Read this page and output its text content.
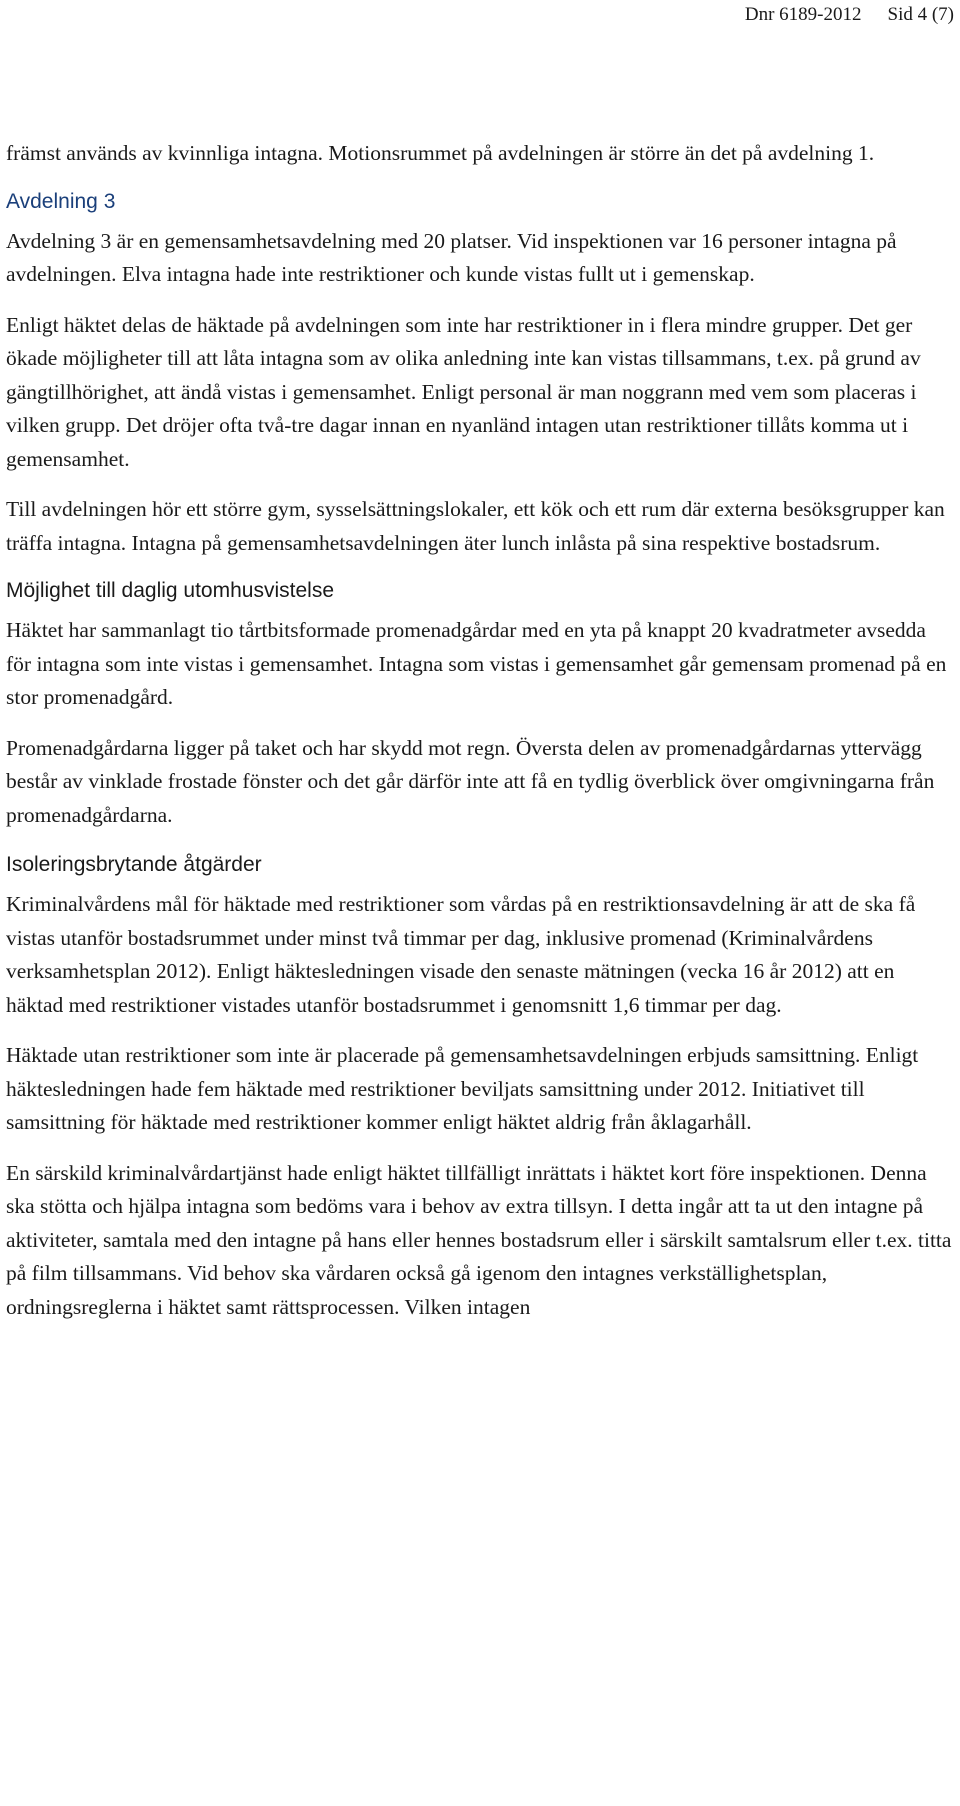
Dnr 6189-2012 Sid 4 (7)

främst används av kvinnliga intagna. Motionsrummet på avdelningen är större än det på avdelning 1.

Avdelning 3

Avdelning 3 är en gemensamhetsavdelning med 20 platser. Vid inspektionen var 16 personer intagna på avdelningen. Elva intagna hade inte restriktioner och kunde vistas fullt ut i gemenskap.

Enligt häktet delas de häktade på avdelningen som inte har restriktioner in i flera mindre grupper. Det ger ökade möjligheter till att låta intagna som av olika anledning inte kan vistas tillsammans, t.ex. på grund av gängtillhörighet, att ändå vistas i gemensamhet. Enligt personal är man noggrann med vem som placeras i vilken grupp. Det dröjer ofta två-tre dagar innan en nyanländ intagen utan restriktioner tillåts komma ut i gemensamhet.

Till avdelningen hör ett större gym, sysselsättningslokaler, ett kök och ett rum där externa besöksgrupper kan träffa intagna. Intagna på gemensamhetsavdelningen äter lunch inlåsta på sina respektive bostadsrum.

Möjlighet till daglig utomhusvistelse

Häktet har sammanlagt tio tårtbitsformade promenadgårdar med en yta på knappt 20 kvadratmeter avsedda för intagna som inte vistas i gemensamhet. Intagna som vistas i gemensamhet går gemensam promenad på en stor promenadgård.

Promenadgårdarna ligger på taket och har skydd mot regn. Översta delen av promenadgårdarnas yttervägg består av vinklade frostade fönster och det går därför inte att få en tydlig överblick över omgivningarna från promenadgårdarna.

Isoleringsbrytande åtgärder

Kriminalvårdens mål för häktade med restriktioner som vårdas på en restriktionsavdelning är att de ska få vistas utanför bostadsrummet under minst två timmar per dag, inklusive promenad (Kriminalvårdens verksamhetsplan 2012). Enligt häktesledningen visade den senaste mätningen (vecka 16 år 2012) att en häktad med restriktioner vistades utanför bostadsrummet i genomsnitt 1,6 timmar per dag.

Häktade utan restriktioner som inte är placerade på gemensamhetsavdelningen erbjuds samsittning. Enligt häktesledningen hade fem häktade med restriktioner beviljats samsittning under 2012. Initiativet till samsittning för häktade med restriktioner kommer enligt häktet aldrig från åklagarhåll.

En särskild kriminalvårdartjänst hade enligt häktet tillfälligt inrättats i häktet kort före inspektionen. Denna ska stötta och hjälpa intagna som bedöms vara i behov av extra tillsyn. I detta ingår att ta ut den intagne på aktiviteter, samtala med den intagne på hans eller hennes bostadsrum eller i särskilt samtalsrum eller t.ex. titta på film tillsammans. Vid behov ska vårdaren också gå igenom den intagnes verkställighetsplan, ordningsreglerna i häktet samt rättsprocessen. Vilken intagen
